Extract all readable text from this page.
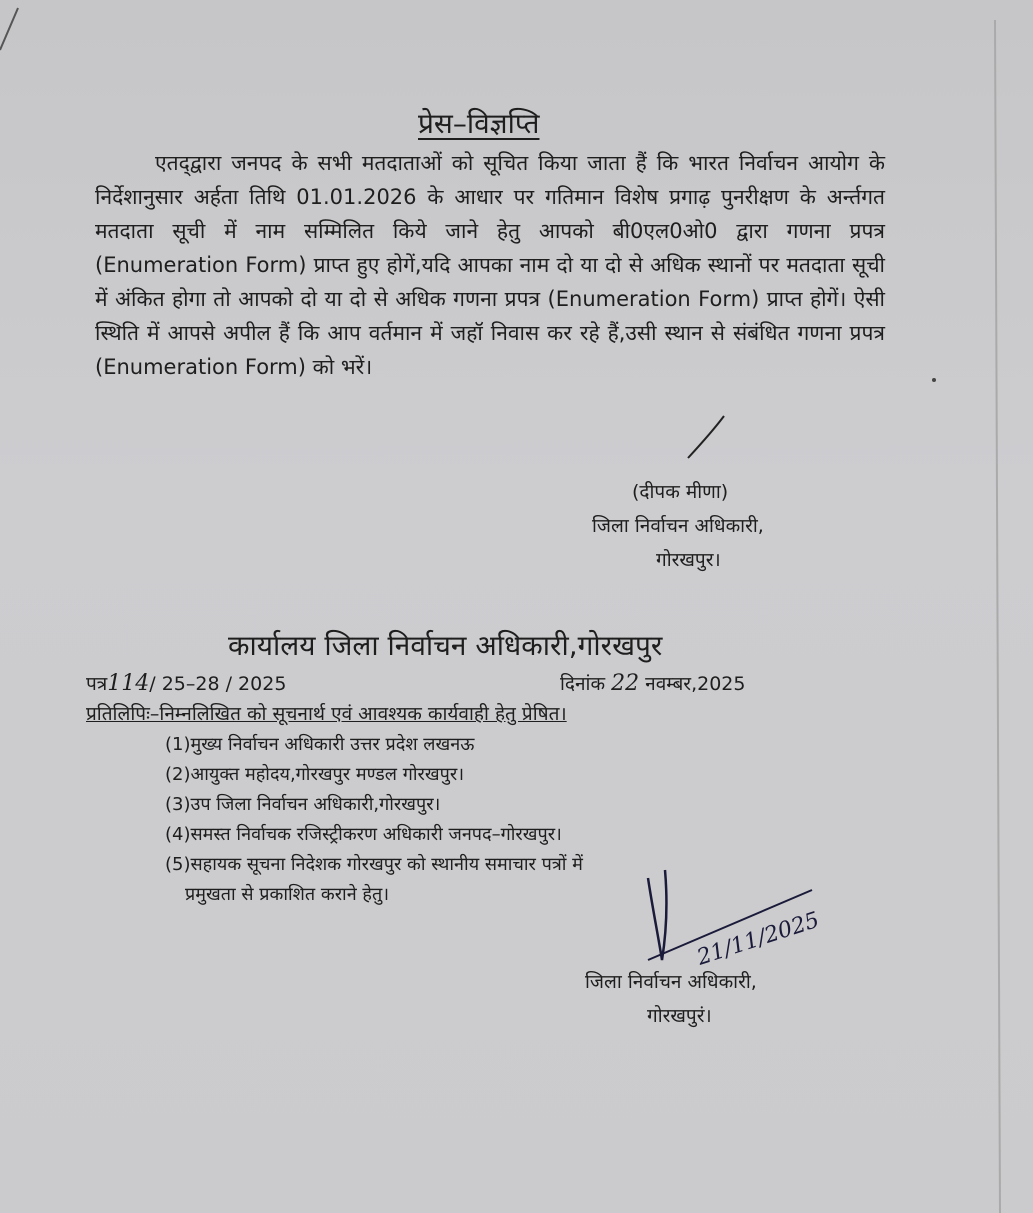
21/11/2025
प्रेस–विज्ञप्ति

एतद्‌द्वारा जनपद के सभी मतदाताओं को सूचित किया जाता हैं कि भारत निर्वाचन आयोग के निर्देशानुसार अर्हता तिथि 01.01.2026 के आधार पर गतिमान विशेष प्रगाढ़ पुनरीक्षण के अर्न्तगत मतदाता सूची में नाम सम्मिलित किये जाने हेतु आपको बी0एल0ओ0 द्वारा गणना प्रपत्र (Enumeration Form) प्राप्त हुए होगें,यदि आपका नाम दो या दो से अधिक स्थानों पर मतदाता सूची में अंकित होगा तो आपको दो या दो से अधिक गणना प्रपत्र (Enumeration Form) प्राप्त होगें। ऐसी स्थिति में आपसे अपील हैं कि आप वर्तमान में जहॉ निवास कर रहे हैं,उसी स्थान से संबंधित गणना प्रपत्र (Enumeration Form) को भरें।

(दीपक मीणा)
जिला निर्वाचन अधिकारी,
गोरखपुर।
कार्यालय जिला निर्वाचन अधिकारी,गोरखपुर
पत्र114/ 25–28 / 2025	दिनांक 22 नवम्बर,2025
प्रतिलिपिः–निम्नलिखित को सूचनार्थ एवं आवश्यक कार्यवाही हेतु प्रेषित।
(1)मुख्य निर्वाचन अधिकारी उत्तर प्रदेश लखनऊ
(2)आयुक्त महोदय,गोरखपुर मण्डल गोरखपुर।
(3)उप जिला निर्वाचन अधिकारी,गोरखपुर।
(4)समस्त निर्वाचक रजिस्ट्रीकरण अधिकारी जनपद–गोरखपुर।
(5)सहायक सूचना निदेशक गोरखपुर को स्थानीय समाचार पत्रों में
प्रमुखता से प्रकाशित कराने हेतु।
जिला निर्वाचन अधिकारी,
गोरखपुरं।
